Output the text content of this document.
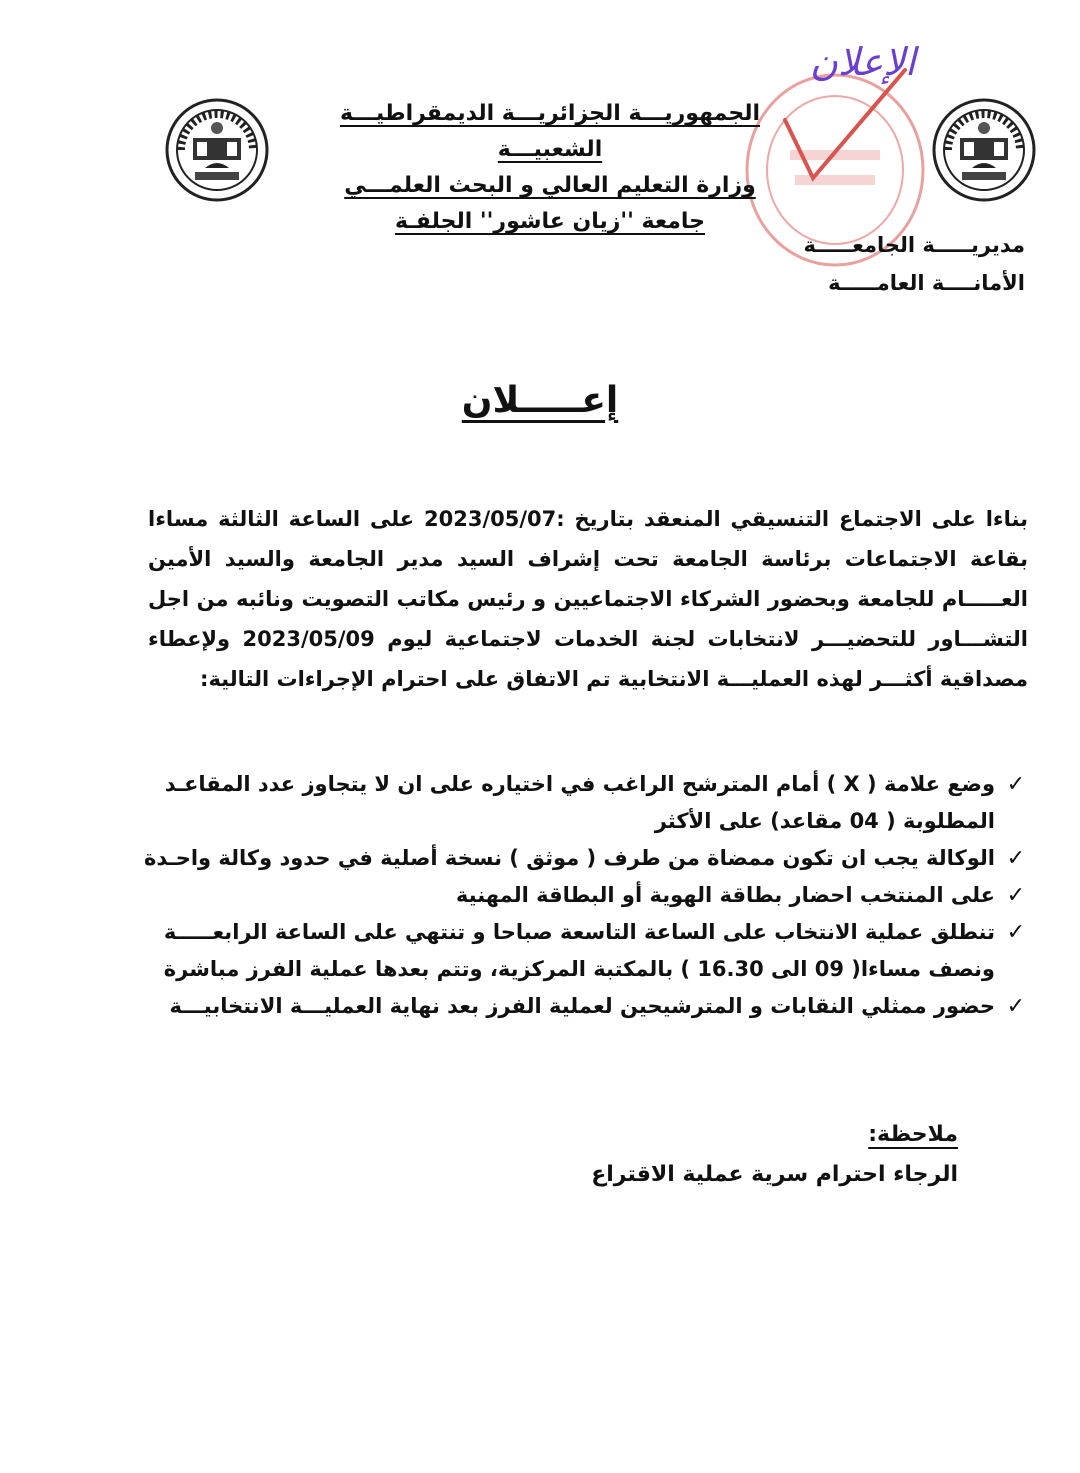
الإعلان
الجمهوريـــة الجزائريـــة الديمقراطيـــة الشعبيـــة
وزارة التعليم العالي و البحث العلمـــي
جامعة ''زيان عاشور'' الجلفـة
مديريـــــة الجامعـــــة
الأمانــــة العامـــــة
إعـــــلان

بناءا على الاجتماع التنسيقي المنعقد بتاريخ :2023/05/07 على الساعة الثالثة مساءا بقاعة الاجتماعات برئاسة الجامعة تحت إشراف السيد مدير الجامعة والسيد الأمين العـــــام للجامعة وبحضور الشركاء الاجتماعيين و رئيس مكاتب التصويت ونائبه من اجل التشـــاور للتحضيـــر لانتخابات لجنة الخدمات لاجتماعية ليوم 2023/05/09 ولإعطاء مصداقية أكثـــر لهذه العمليـــة الانتخابية تم الاتفاق على احترام الإجراءات التالية:

✓
وضع علامة ( X ) أمام المترشح الراغب في اختياره على ان لا يتجاوز عدد المقاعـد المطلوبة ( 04 مقاعد) على الأكثر
✓
الوكالة يجب ان تكون ممضاة من طرف ( موثق ) نسخة أصلية في حدود وكالة واحـدة
✓
على المنتخب احضار بطاقة الهوية أو البطاقة المهنية
✓
تنطلق عملية الانتخاب على الساعة التاسعة صباحا و تنتهي على الساعة الرابعـــــة ونصف مساءا( 09 الى 16.30 ) بالمكتبة المركزية، وتتم بعدها عملية الفرز مباشرة
✓
حضور ممثلي النقابات و المترشيحين لعملية الفرز بعد نهاية العمليـــة الانتخابيـــة
ملاحظة:
الرجاء احترام سرية عملية الاقتراع
